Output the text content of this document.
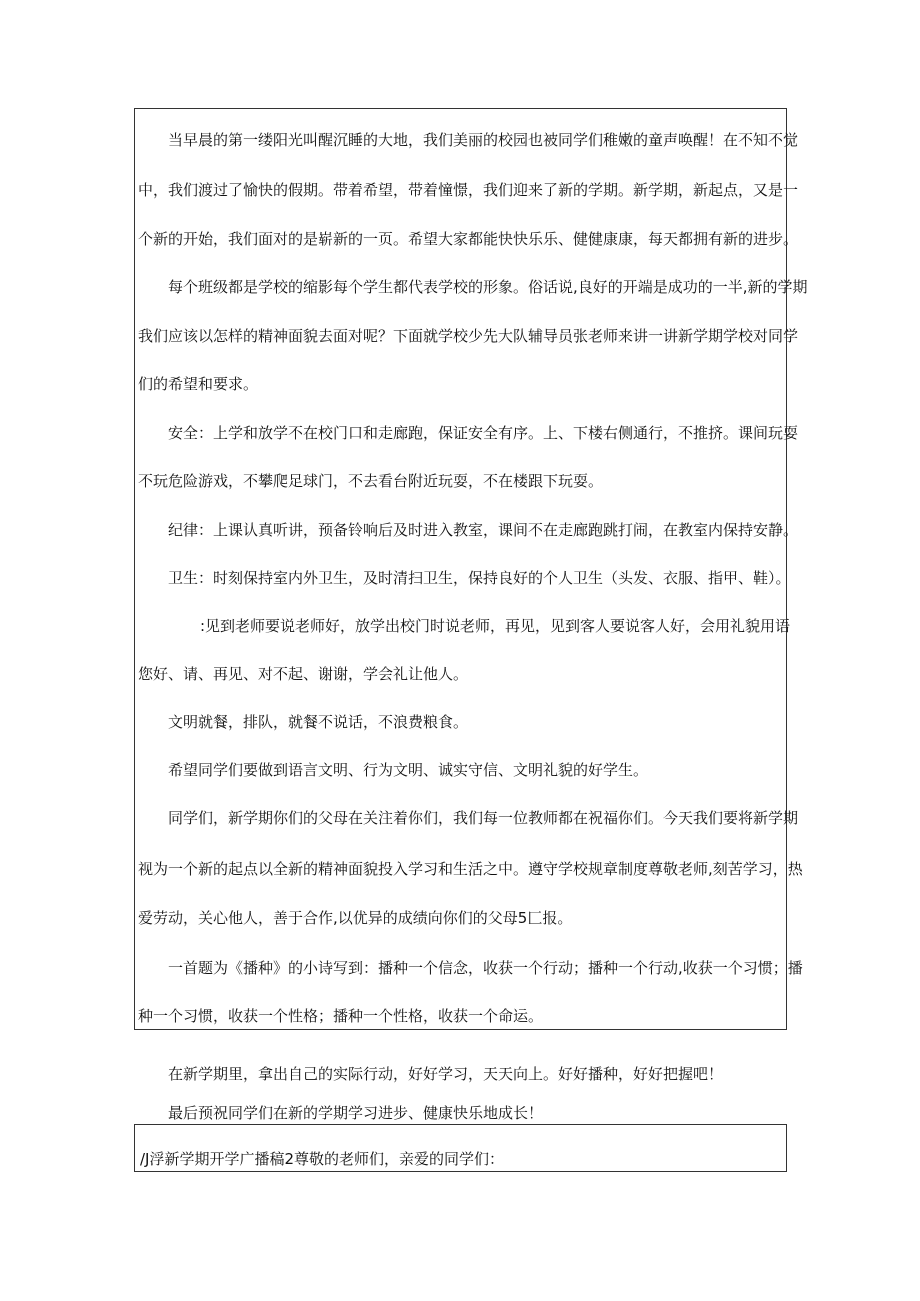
当早晨的第一缕阳光叫醒沉睡的大地，我们美丽的校园也被同学们稚嫩的童声唤醒！在不知不觉
中，我们渡过了愉快的假期。带着希望，带着憧憬，我们迎来了新的学期。新学期，新起点，又是一
个新的开始，我们面对的是崭新的一页。希望大家都能快快乐乐、健健康康，每天都拥有新的进步。
每个班级都是学校的缩影每个学生都代表学校的形象。俗话说,良好的开端是成功的一半,新的学期
我们应该以怎样的精神面貌去面对呢？下面就学校少先大队辅导员张老师来讲一讲新学期学校对同学
们的希望和要求。
安全：上学和放学不在校门口和走廊跑，保证安全有序。上、下楼右侧通行，不推挤。课间玩耍
不玩危险游戏，不攀爬足球门，不去看台附近玩耍，不在楼跟下玩耍。
纪律：上课认真听讲，预备铃响后及时进入教室，课间不在走廊跑跳打闹，在教室内保持安静。
卫生：时刻保持室内外卫生，及时清扫卫生，保持良好的个人卫生（头发、衣服、指甲、鞋）。
:见到老师要说老师好，放学出校门时说老师，再见，见到客人要说客人好，会用礼貌用语
您好、请、再见、对不起、谢谢，学会礼让他人。
文明就餐，排队，就餐不说话，不浪费粮食。
希望同学们要做到语言文明、行为文明、诚实守信、文明礼貌的好学生。
同学们，新学期你们的父母在关注着你们，我们每一位教师都在祝福你们。今天我们要将新学期
视为一个新的起点以全新的精神面貌投入学习和生活之中。遵守学校规章制度尊敬老师,刻苦学习，热
爱劳动，关心他人，善于合作,以优异的成绩向你们的父母5匚报。
一首题为《播种》的小诗写到：播种一个信念，收获一个行动；播种一个行动,收获一个习惯；播
种一个习惯，收获一个性格；播种一个性格，收获一个命运。
在新学期里，拿出自己的实际行动，好好学习，天天向上。好好播种，好好把握吧！
最后预祝同学们在新的学期学习进步、健康快乐地成长！
/J浮新学期开学广播稿2尊敬的老师们，亲爱的同学们：
